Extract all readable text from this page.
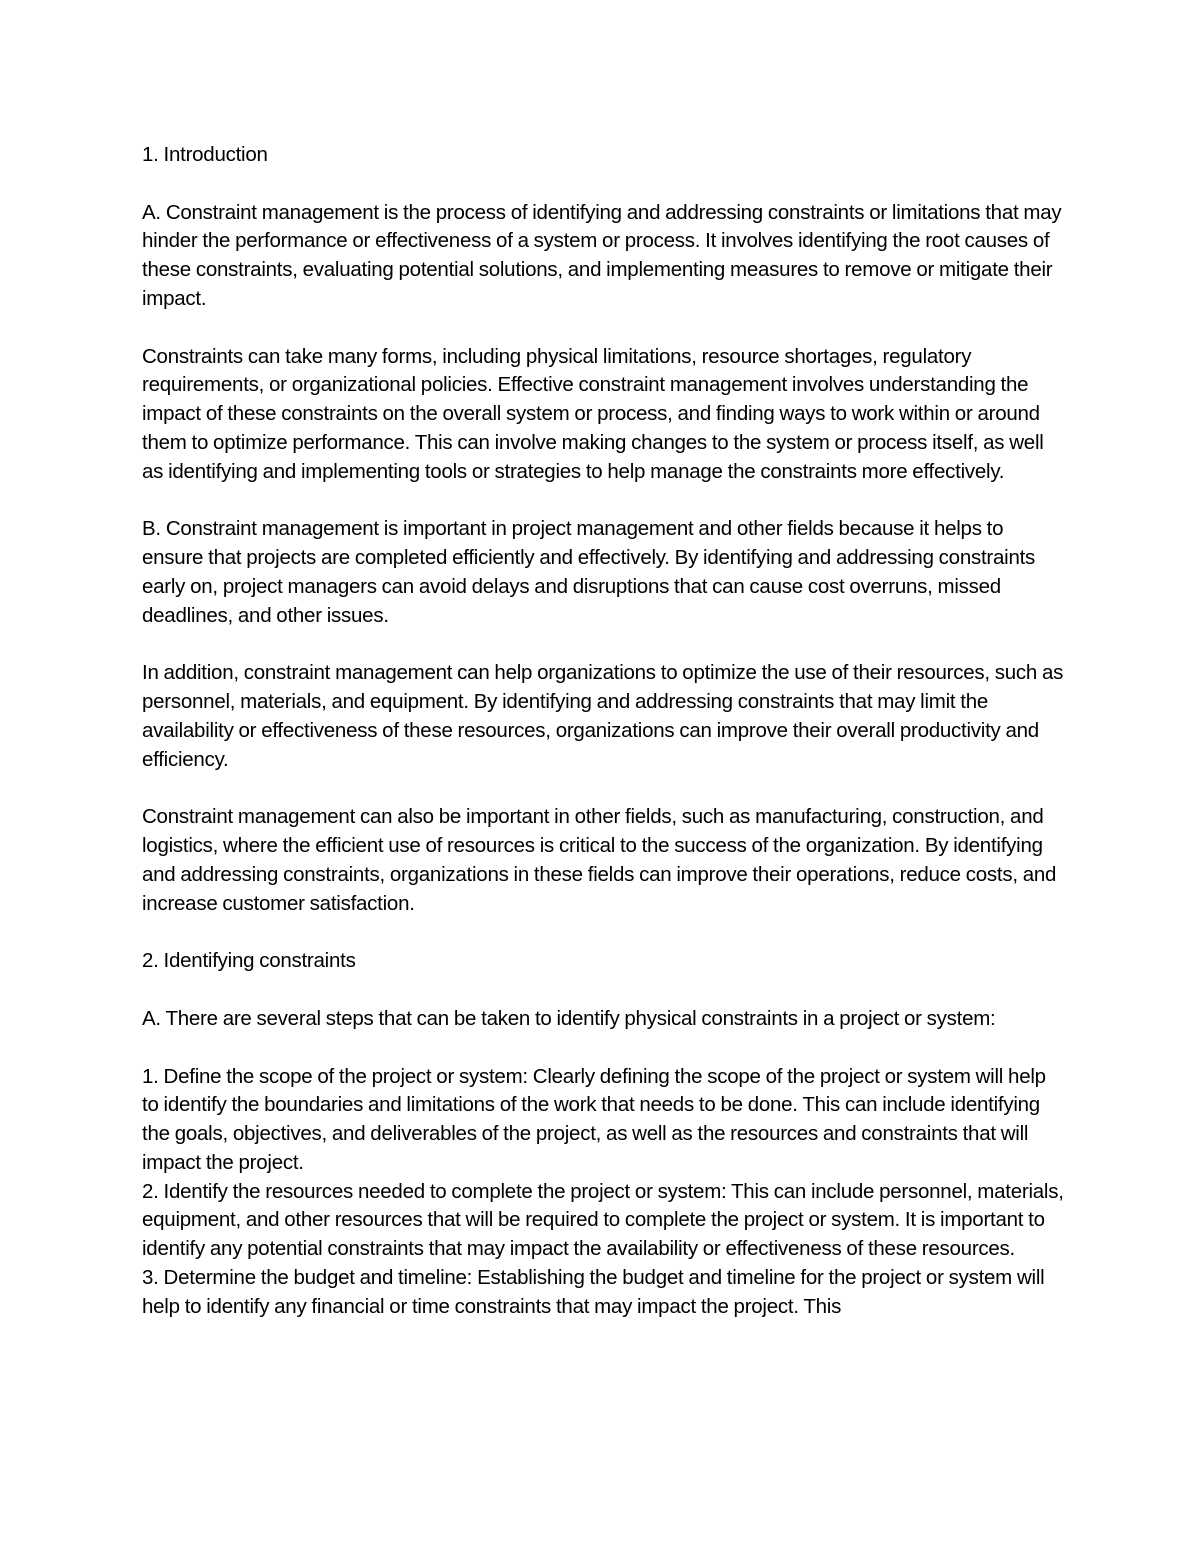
1. Introduction

A. Constraint management is the process of identifying and addressing constraints or limitations that may hinder the performance or effectiveness of a system or process. It involves identifying the root causes of these constraints, evaluating potential solutions, and implementing measures to remove or mitigate their impact.

Constraints can take many forms, including physical limitations, resource shortages, regulatory requirements, or organizational policies. Effective constraint management involves understanding the impact of these constraints on the overall system or process, and finding ways to work within or around them to optimize performance. This can involve making changes to the system or process itself, as well as identifying and implementing tools or strategies to help manage the constraints more effectively.

B. Constraint management is important in project management and other fields because it helps to ensure that projects are completed efficiently and effectively. By identifying and addressing constraints early on, project managers can avoid delays and disruptions that can cause cost overruns, missed deadlines, and other issues.

In addition, constraint management can help organizations to optimize the use of their resources, such as personnel, materials, and equipment. By identifying and addressing constraints that may limit the availability or effectiveness of these resources, organizations can improve their overall productivity and efficiency.

Constraint management can also be important in other fields, such as manufacturing, construction, and logistics, where the efficient use of resources is critical to the success of the organization. By identifying and addressing constraints, organizations in these fields can improve their operations, reduce costs, and increase customer satisfaction.

2. Identifying constraints

A. There are several steps that can be taken to identify physical constraints in a project or system:

1. Define the scope of the project or system: Clearly defining the scope of the project or system will help to identify the boundaries and limitations of the work that needs to be done. This can include identifying the goals, objectives, and deliverables of the project, as well as the resources and constraints that will impact the project.

2. Identify the resources needed to complete the project or system: This can include personnel, materials, equipment, and other resources that will be required to complete the project or system. It is important to identify any potential constraints that may impact the availability or effectiveness of these resources.

3. Determine the budget and timeline: Establishing the budget and timeline for the project or system will help to identify any financial or time constraints that may impact the project. This
